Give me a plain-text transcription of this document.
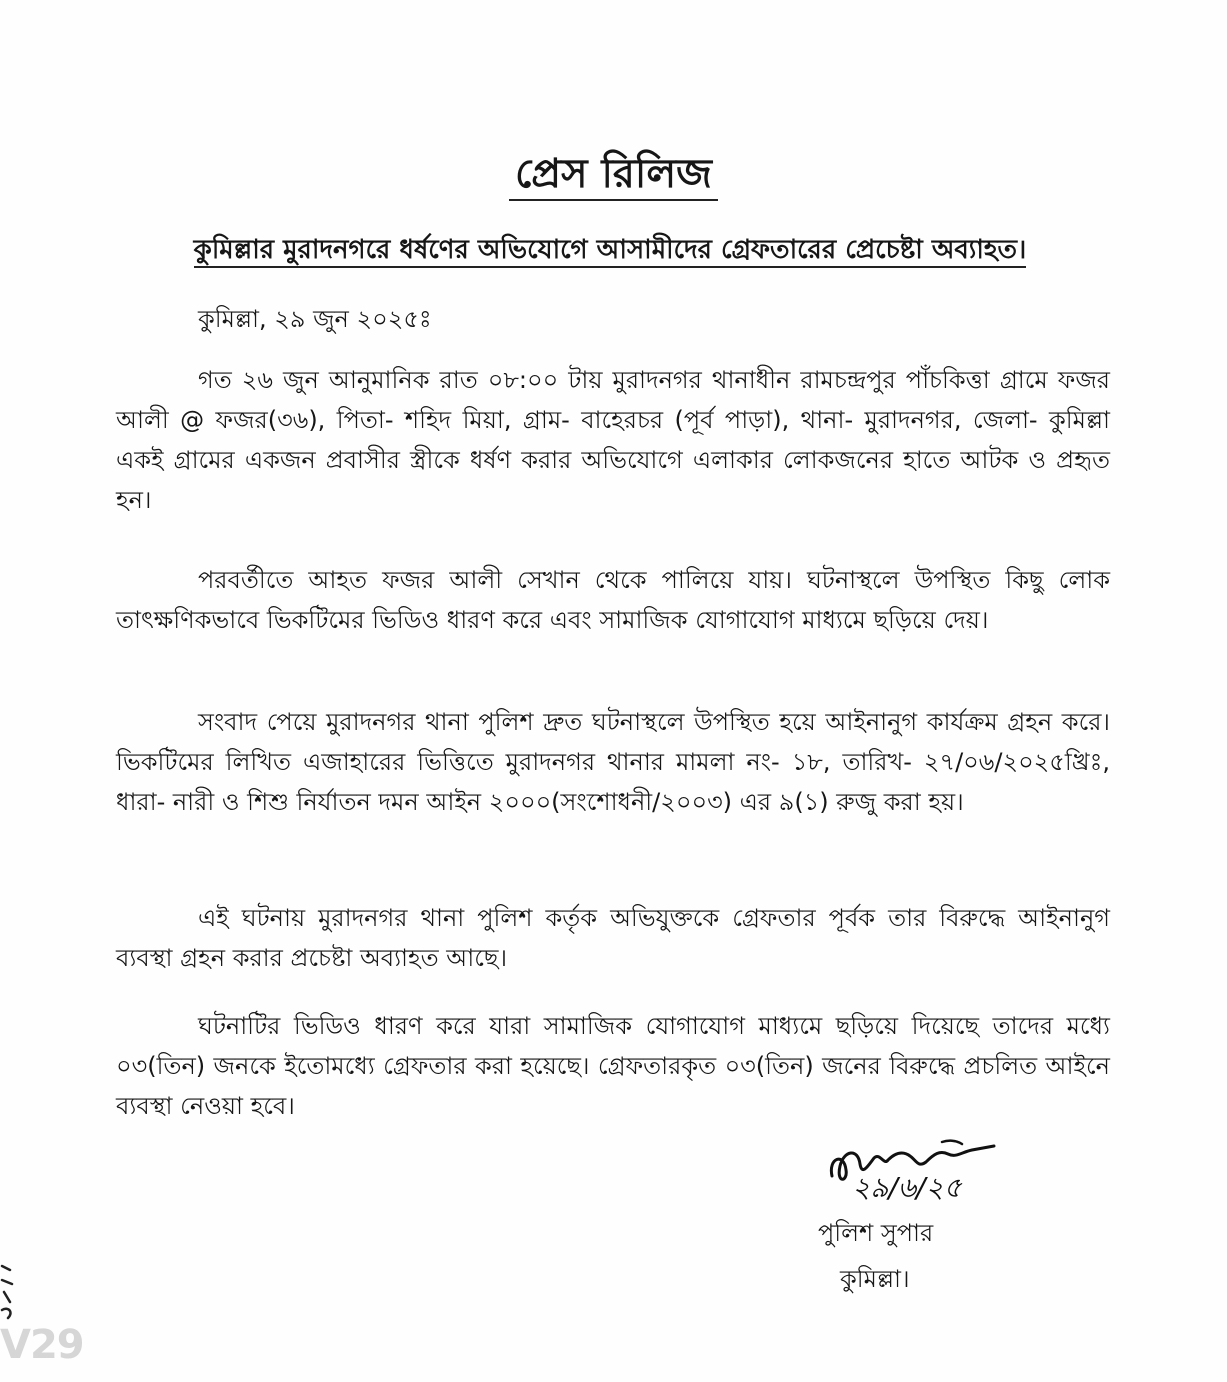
প্রেস রিলিজ
কুমিল্লার মুরাদনগরে ধর্ষণের অভিযোগে আসামীদের গ্রেফতারের প্রেচেষ্টা অব্যাহত।

কুমিল্লা, ২৯ জুন ২০২৫ঃ

গত ২৬ জুন আনুমানিক রাত ০৮:০০ টায় মুরাদনগর থানাধীন রামচন্দ্রপুর পাঁচকিত্তা গ্রামে ফজর আলী @ ফজর(৩৬), পিতা- শহিদ মিয়া, গ্রাম- বাহেরচর (পূর্ব পাড়া), থানা- মুরাদনগর, জেলা- কুমিল্লা একই গ্রামের একজন প্রবাসীর স্ত্রীকে ধর্ষণ করার অভিযোগে এলাকার লোকজনের হাতে আটক ও প্রহৃত হন।

পরবর্তীতে আহত ফজর আলী সেখান থেকে পালিয়ে যায়। ঘটনাস্থলে উপস্থিত কিছু লোক তাৎক্ষণিকভাবে ভিকটিমের ভিডিও ধারণ করে এবং সামাজিক যোগাযোগ মাধ্যমে ছড়িয়ে দেয়।

সংবাদ পেয়ে মুরাদনগর থানা পুলিশ দ্রুত ঘটনাস্থলে উপস্থিত হয়ে আইনানুগ কার্যক্রম গ্রহন করে। ভিকটিমের লিখিত এজাহারের ভিত্তিতে মুরাদনগর থানার মামলা নং- ১৮, তারিখ- ২৭/০৬/২০২৫খ্রিঃ, ধারা- নারী ও শিশু নির্যাতন দমন আইন ২০০০(সংশোধনী/২০০৩) এর ৯(১) রুজু করা হয়।

এই ঘটনায় মুরাদনগর থানা পুলিশ কর্তৃক অভিযুক্তকে গ্রেফতার পূর্বক তার বিরুদ্ধে আইনানুগ ব্যবস্থা গ্রহন করার প্রচেষ্টা অব্যাহত আছে।

ঘটনাটির ভিডিও ধারণ করে যারা সামাজিক যোগাযোগ মাধ্যমে ছড়িয়ে দিয়েছে তাদের মধ্যে ০৩(তিন) জনকে ইতোমধ্যে গ্রেফতার করা হয়েছে। গ্রেফতারকৃত ০৩(তিন) জনের বিরুদ্ধে প্রচলিত আইনে ব্যবস্থা নেওয়া হবে।

২৯/৬/২৫

পুলিশ সুপার

কুমিল্লা।

V29
